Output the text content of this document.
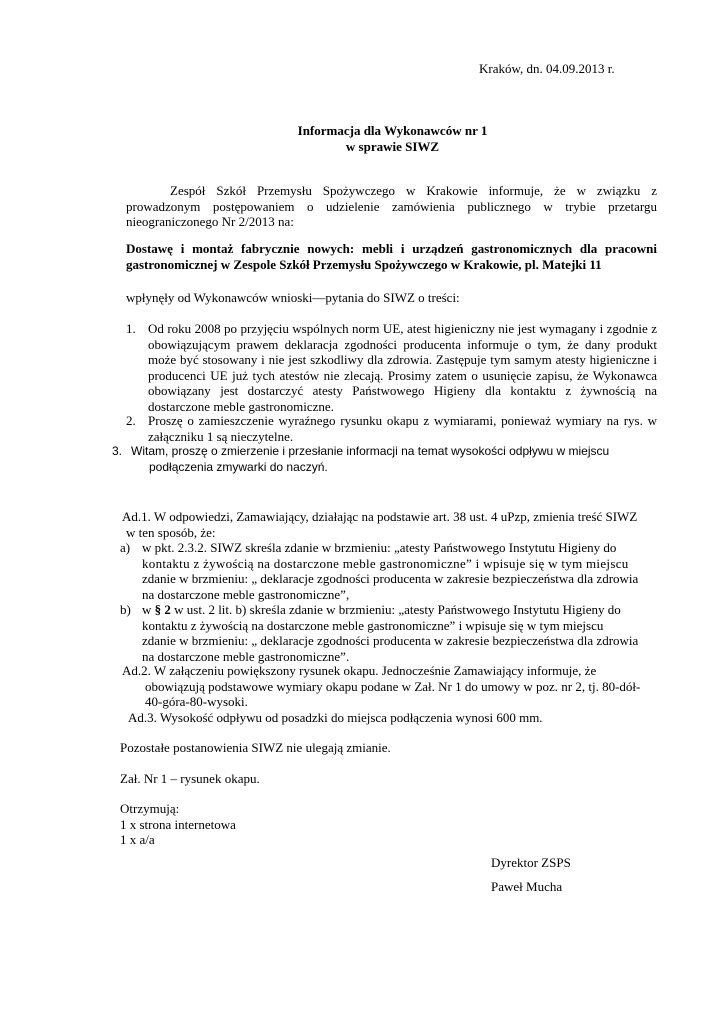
Kraków, dn. 04.09.2013 r.
Informacja dla Wykonawców nr 1
w sprawie SIWZ
Zespół Szkół Przemysłu Spożywczego w Krakowie informuje, że w związku z prowadzonym postępowaniem o udzielenie zamówienia publicznego w trybie przetargu nieograniczonego Nr 2/2013 na:
Dostawę i montaż fabrycznie nowych: mebli i urządzeń gastronomicznych dla pracowni gastronomicznej w Zespole Szkół Przemysłu Spożywczego w Krakowie, pl. Matejki 11
wpłynęły od Wykonawców wnioski—pytania do SIWZ o treści:
1. Od roku 2008 po przyjęciu wspólnych norm UE, atest higieniczny nie jest wymagany i zgodnie z obowiązującym prawem deklaracja zgodności producenta informuje o tym, że dany produkt może być stosowany i nie jest szkodliwy dla zdrowia. Zastępuje tym samym atesty higieniczne i producenci UE już tych atestów nie zlecają. Prosimy zatem o usunięcie zapisu, że Wykonawca obowiązany jest dostarczyć atesty Państwowego Higieny dla kontaktu z żywnością na dostarczone meble gastronomiczne.
2. Proszę o zamieszczenie wyraźnego rysunku okapu z wymiarami, ponieważ wymiary na rys. w załączniku 1 są nieczytelne.
3. Witam, proszę o zmierzenie i przesłanie informacji na temat wysokości odpływu w miejscu
podłączenia zmywarki do naczyń.
Ad.1. W odpowiedzi, Zamawiający, działając na podstawie art. 38 ust. 4 uPzp, zmienia treść SIWZ
w ten sposób, że:
a) w pkt. 2.3.2. SIWZ skreśla zdanie w brzmieniu: „atesty Państwowego Instytutu Higieny do
kontaktu z żywością na dostarczone meble gastronomiczne” i wpisuje się w tym miejscu
zdanie w brzmieniu: „ deklaracje zgodności producenta w zakresie bezpieczeństwa dla zdrowia
na dostarczone meble gastronomiczne”,
b) w § 2 w ust. 2 lit. b) skreśla zdanie w brzmieniu: „atesty Państwowego Instytutu Higieny do
kontaktu z żywością na dostarczone meble gastronomiczne” i wpisuje się w tym miejscu
zdanie w brzmieniu: „ deklaracje zgodności producenta w zakresie bezpieczeństwa dla zdrowia
na dostarczone meble gastronomiczne”.
Ad.2. W załączeniu powiększony rysunek okapu. Jednocześnie Zamawiający informuje, że
obowiązują podstawowe wymiary okapu podane w Zał. Nr 1 do umowy w poz. nr 2, tj. 80-dół-
40-góra-80-wysoki.
Ad.3. Wysokość odpływu od posadzki do miejsca podłączenia wynosi 600 mm.
Pozostałe postanowienia SIWZ nie ulegają zmianie.
Zał. Nr 1 – rysunek okapu.
Otrzymują:
1 x strona internetowa
1 x a/a
Dyrektor ZSPS
Paweł Mucha
